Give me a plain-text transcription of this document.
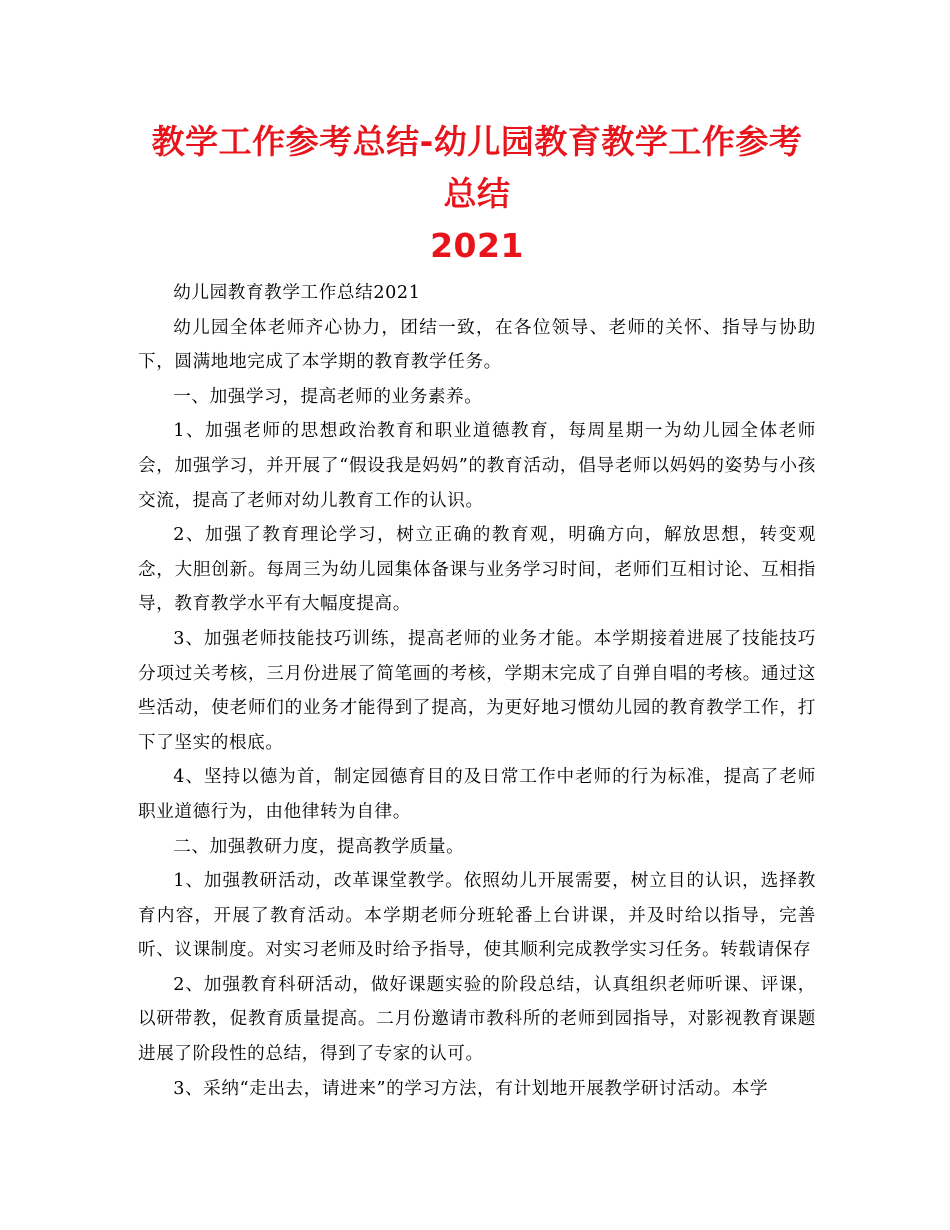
教学工作参考总结-幼儿园教育教学工作参考总结
2021

幼儿园教育教学工作总结2021

幼儿园全体老师齐心协力，团结一致，在各位领导、老师的关怀、指导与协助下，圆满地地完成了本学期的教育教学任务。

一、加强学习，提高老师的业务素养。

1、加强老师的思想政治教育和职业道德教育，每周星期一为幼儿园全体老师会，加强学习，并开展了“假设我是妈妈”的教育活动，倡导老师以妈妈的姿势与小孩交流，提高了老师对幼儿教育工作的认识。

2、加强了教育理论学习，树立正确的教育观，明确方向，解放思想，转变观念，大胆创新。每周三为幼儿园集体备课与业务学习时间，老师们互相讨论、互相指导，教育教学水平有大幅度提高。

3、加强老师技能技巧训练，提高老师的业务才能。本学期接着进展了技能技巧分项过关考核，三月份进展了简笔画的考核，学期末完成了自弹自唱的考核。通过这些活动，使老师们的业务才能得到了提高，为更好地习惯幼儿园的教育教学工作，打下了坚实的根底。

4、坚持以德为首，制定园德育目的及日常工作中老师的行为标准，提高了老师职业道德行为，由他律转为自律。

二、加强教研力度，提高教学质量。

1、加强教研活动，改革课堂教学。依照幼儿开展需要，树立目的认识，选择教育内容，开展了教育活动。本学期老师分班轮番上台讲课，并及时给以指导，完善听、议课制度。对实习老师及时给予指导，使其顺利完成教学实习任务。转载请保存

2、加强教育科研活动，做好课题实验的阶段总结，认真组织老师听课、评课，以研带教，促教育质量提高。二月份邀请市教科所的老师到园指导，对影视教育课题进展了阶段性的总结，得到了专家的认可。

3、采纳“走出去，请进来”的学习方法，有计划地开展教学研讨活动。本学
